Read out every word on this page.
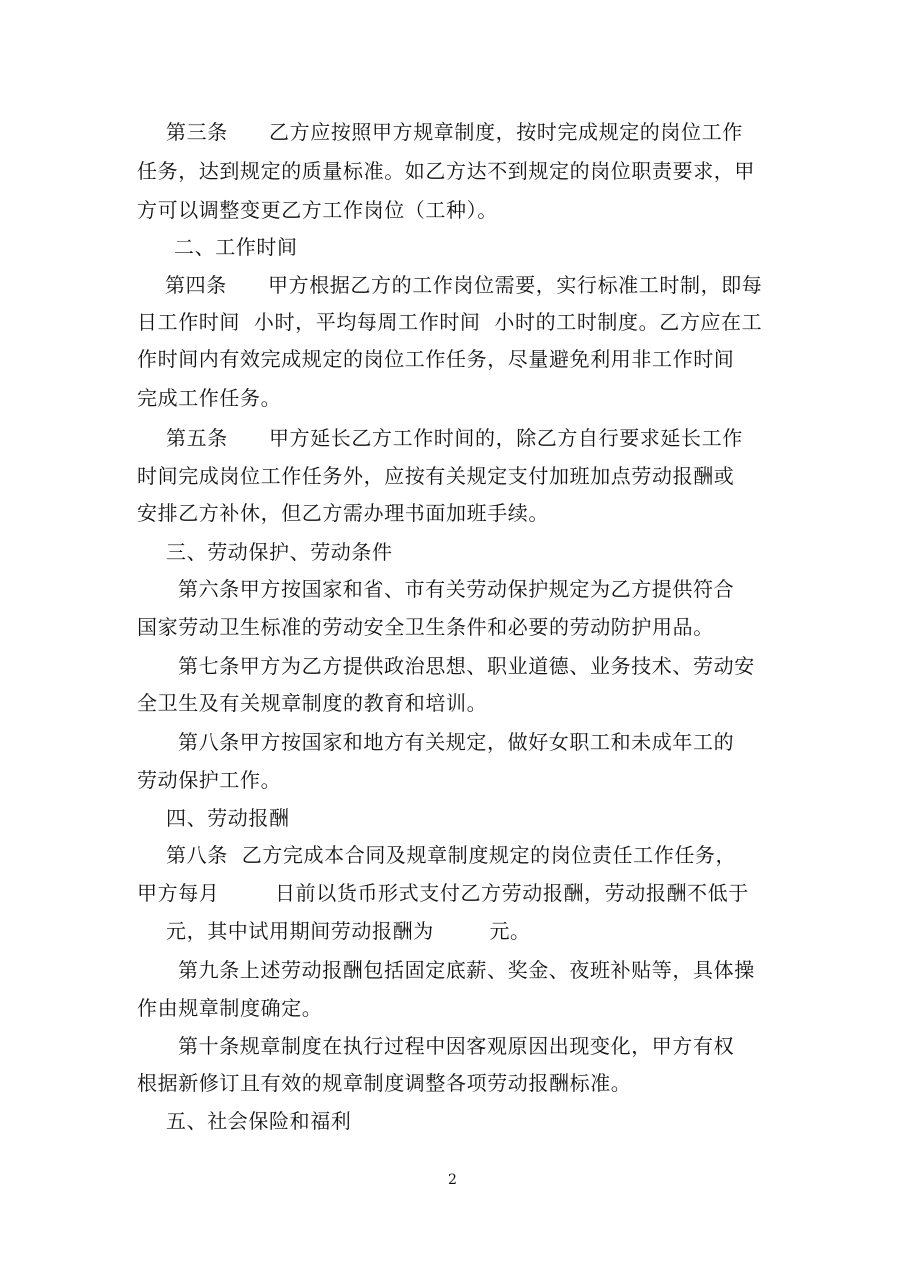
第三条　　乙方应按照甲方规章制度，按时完成规定的岗位工作
任务，达到规定的质量标准。如乙方达不到规定的岗位职责要求，甲
方可以调整变更乙方工作岗位（工种）。
二、工作时间
第四条　　甲方根据乙方的工作岗位需要，实行标准工时制，即每
日工作时间  小时，平均每周工作时间  小时的工时制度。乙方应在工
作时间内有效完成规定的岗位工作任务，尽量避免利用非工作时间
完成工作任务。
第五条　　甲方延长乙方工作时间的，除乙方自行要求延长工作
时间完成岗位工作任务外，应按有关规定支付加班加点劳动报酬或
安排乙方补休，但乙方需办理书面加班手续。
三、劳动保护、劳动条件
第六条甲方按国家和省、市有关劳动保护规定为乙方提供符合
国家劳动卫生标准的劳动安全卫生条件和必要的劳动防护用品。
第七条甲方为乙方提供政治思想、职业道德、业务技术、劳动安
全卫生及有关规章制度的教育和培训。
第八条甲方按国家和地方有关规定，做好女职工和未成年工的
劳动保护工作。
四、劳动报酬
第八条  乙方完成本合同及规章制度规定的岗位责任工作任务，
甲方每月        日前以货币形式支付乙方劳动报酬，劳动报酬不低于
元，其中试用期间劳动报酬为        元。
第九条上述劳动报酬包括固定底薪、奖金、夜班补贴等，具体操
作由规章制度确定。
第十条规章制度在执行过程中因客观原因出现变化，甲方有权
根据新修订且有效的规章制度调整各项劳动报酬标准。
五、社会保险和福利
2
